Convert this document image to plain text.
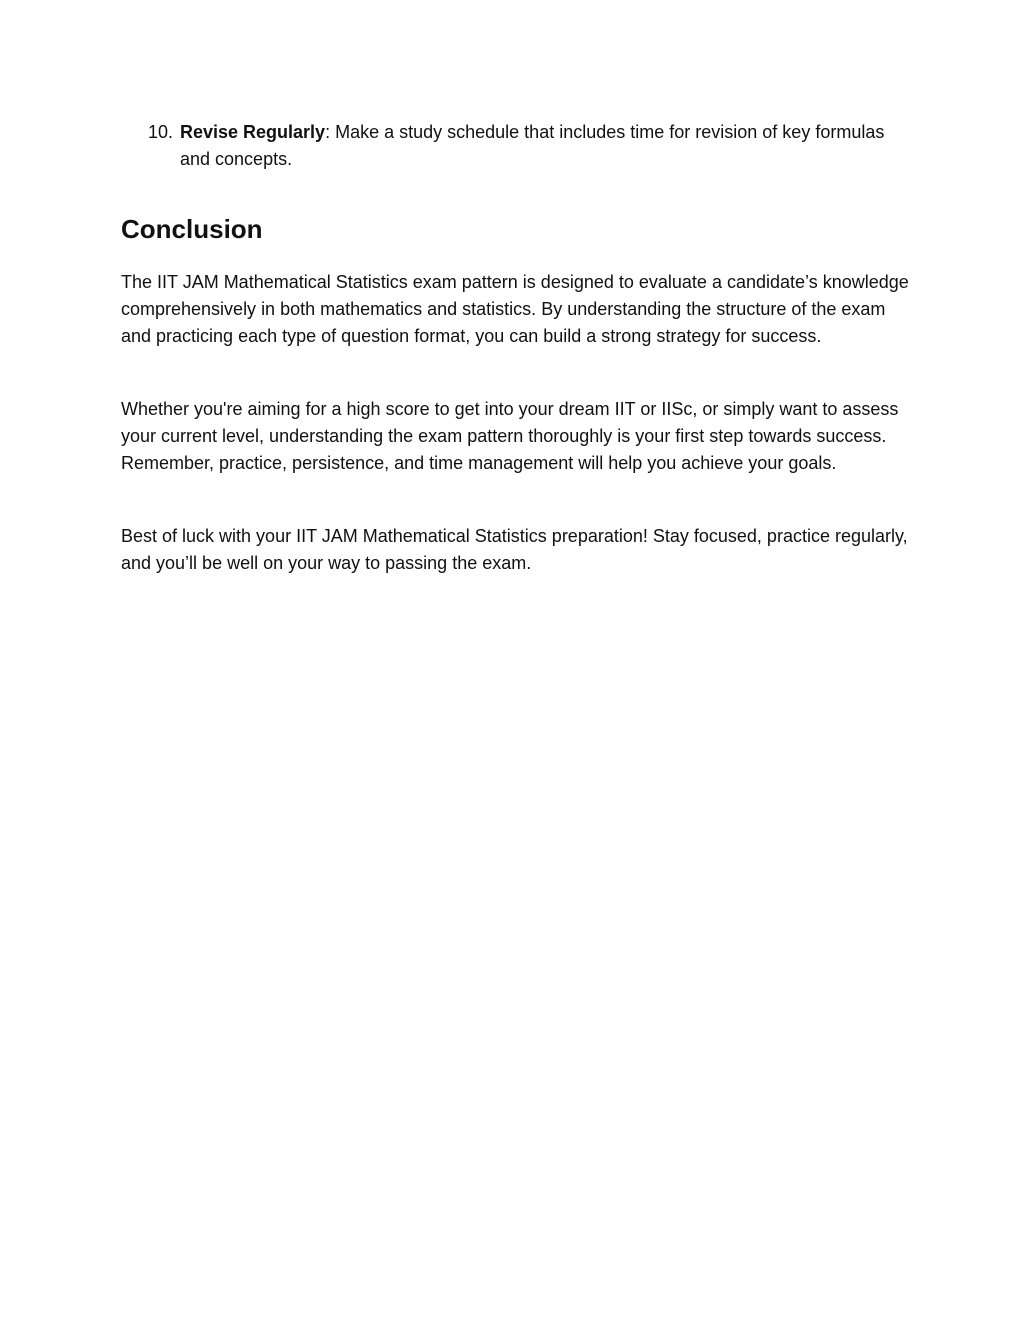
10. Revise Regularly: Make a study schedule that includes time for revision of key formulas and concepts.
Conclusion

The IIT JAM Mathematical Statistics exam pattern is designed to evaluate a candidate’s knowledge comprehensively in both mathematics and statistics. By understanding the structure of the exam and practicing each type of question format, you can build a strong strategy for success.

Whether you're aiming for a high score to get into your dream IIT or IISc, or simply want to assess your current level, understanding the exam pattern thoroughly is your first step towards success. Remember, practice, persistence, and time management will help you achieve your goals.

Best of luck with your IIT JAM Mathematical Statistics preparation! Stay focused, practice regularly, and you’ll be well on your way to passing the exam.
